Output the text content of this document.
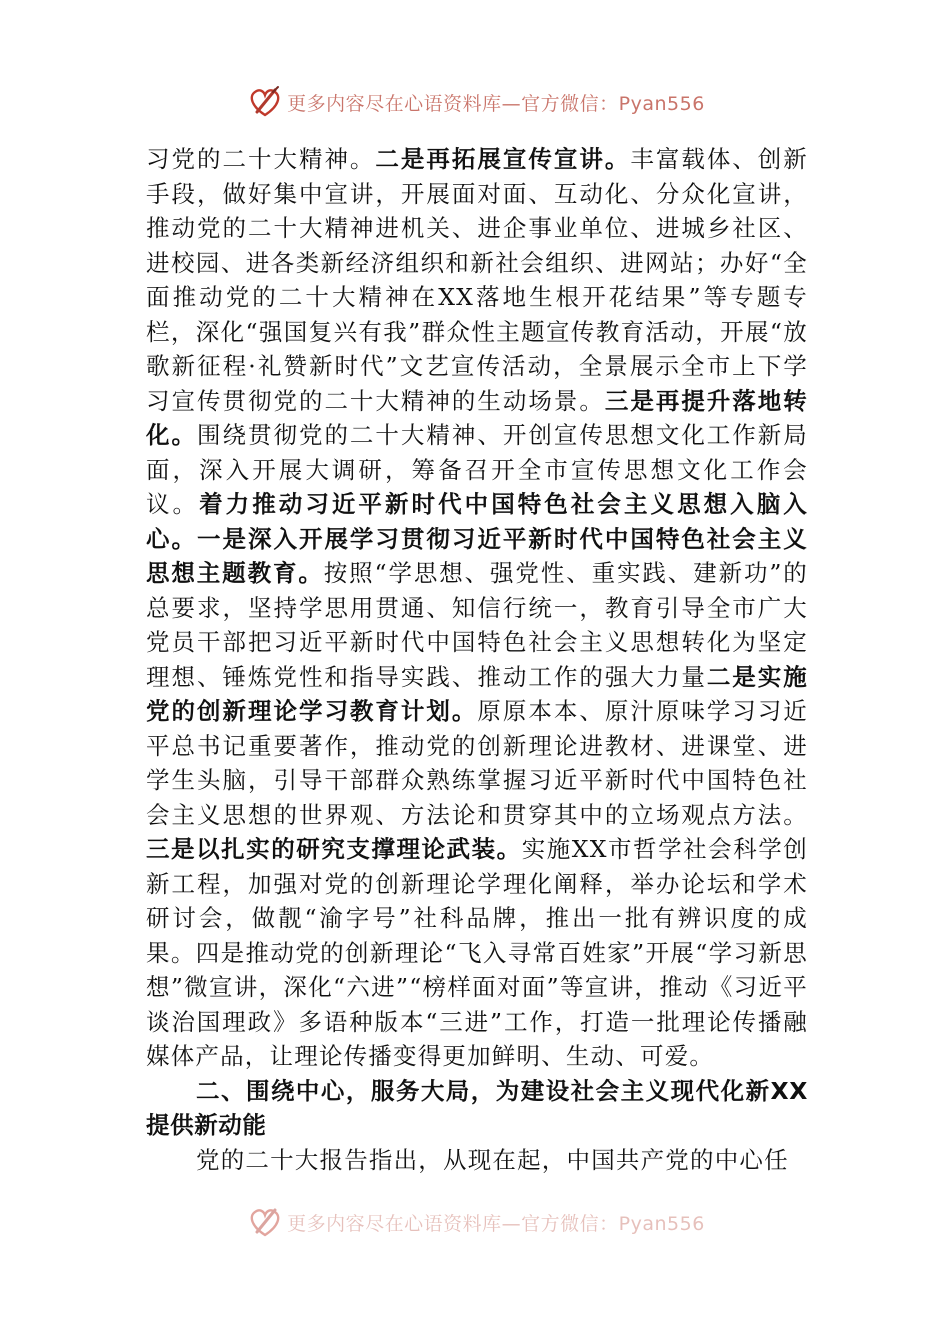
更多内容尽在心语资料库—官方微信：Pyan556

习党的二十大精神。二是再拓展宣传宣讲。丰富载体、创新手段，做好集中宣讲，开展面对面、互动化、分众化宣讲，推动党的二十大精神进机关、进企事业单位、进城乡社区、进校园、进各类新经济组织和新社会组织、进网站；办好“全面推动党的二十大精神在XX落地生根开花结果”等专题专栏，深化“强国复兴有我”群众性主题宣传教育活动，开展“放歌新征程·礼赞新时代”文艺宣传活动，全景展示全市上下学习宣传贯彻党的二十大精神的生动场景。三是再提升落地转化。围绕贯彻党的二十大精神、开创宣传思想文化工作新局面，深入开展大调研，筹备召开全市宣传思想文化工作会议。着力推动习近平新时代中国特色社会主义思想入脑入心。一是深入开展学习贯彻习近平新时代中国特色社会主义思想主题教育。按照“学思想、强党性、重实践、建新功”的总要求，坚持学思用贯通、知信行统一，教育引导全市广大党员干部把习近平新时代中国特色社会主义思想转化为坚定理想、锤炼党性和指导实践、推动工作的强大力量二是实施党的创新理论学习教育计划。原原本本、原汁原味学习习近平总书记重要著作，推动党的创新理论进教材、进课堂、进学生头脑，引导干部群众熟练掌握习近平新时代中国特色社会主义思想的世界观、方法论和贯穿其中的立场观点方法。三是以扎实的研究支撑理论武装。实施XX市哲学社会科学创新工程，加强对党的创新理论学理化阐释，举办论坛和学术研讨会，做靓“渝字号”社科品牌，推出一批有辨识度的成果。四是推动党的创新理论“飞入寻常百姓家”开展“学习新思想”微宣讲，深化“六进”“榜样面对面”等宣讲，推动《习近平谈治国理政》多语种版本“三进”工作，打造一批理论传播融媒体产品，让理论传播变得更加鲜明、生动、可爱。

二、围绕中心，服务大局，为建设社会主义现代化新XX提供新动能

党的二十大报告指出，从现在起，中国共产党的中心任

更多内容尽在心语资料库—官方微信：Pyan556
